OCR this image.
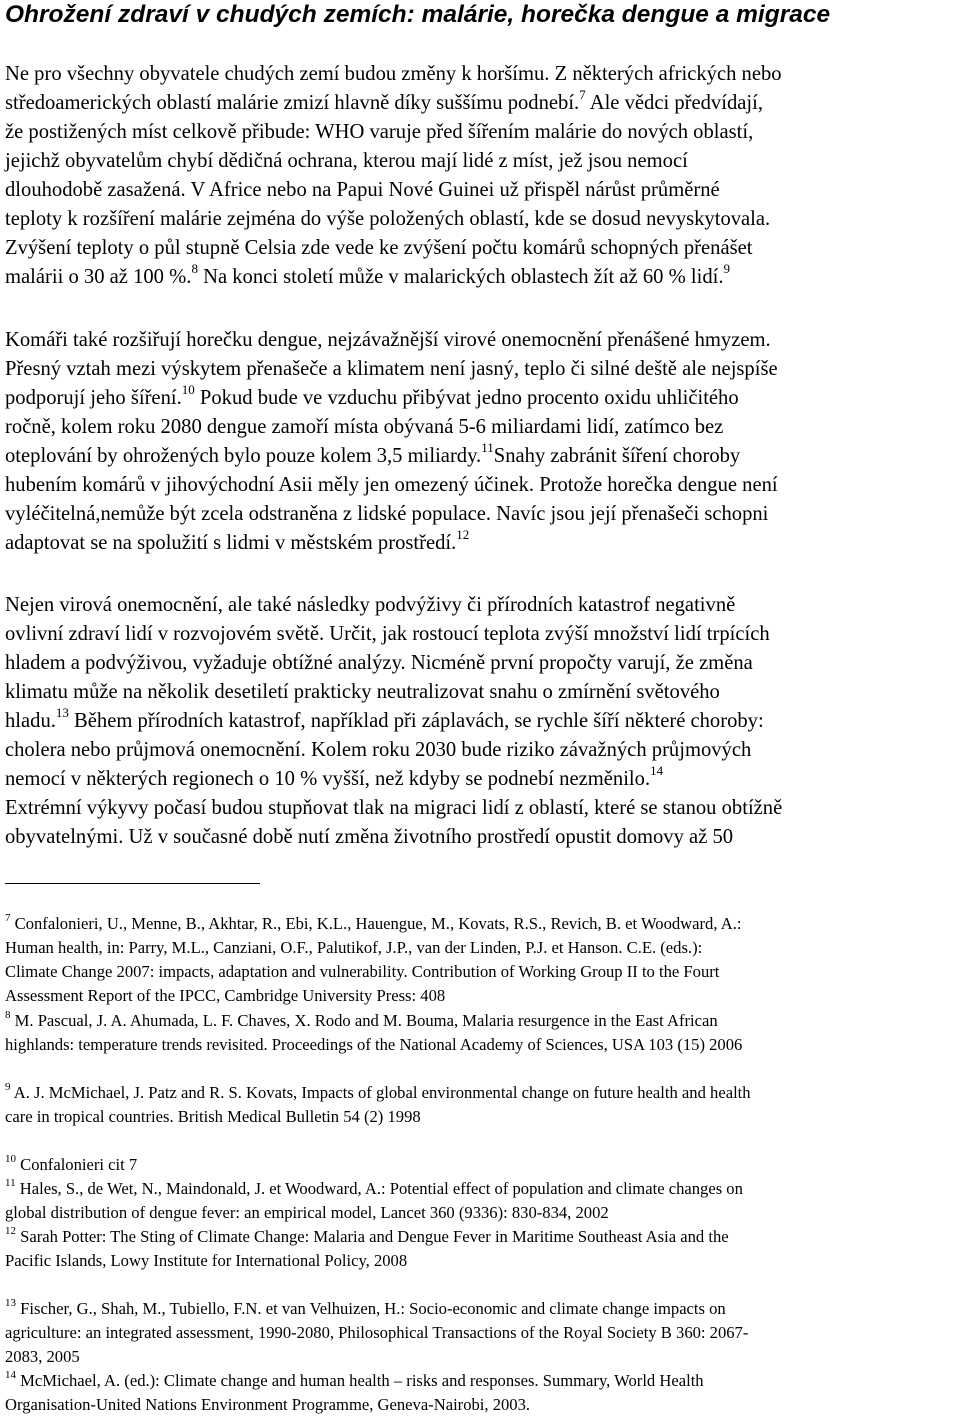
Ohrožení zdraví v chudých zemích: malárie, horečka dengue a migrace
Ne pro všechny obyvatele chudých zemí budou změny k horšímu. Z některých afrických nebo
středoamerických oblastí malárie zmizí hlavně díky suššímu podnebí.$^7$ Ale vědci předvídají,
že postižených míst celkově přibude: WHO varuje před šířením malárie do nových oblastí,
jejichž obyvatelům chybí dědičná ochrana, kterou mají lidé z míst, jež jsou nemocí
dlouhodobě zasažená. V Africe nebo na Papui Nové Guinei už přispěl nárůst průměrné
teploty k rozšíření malárie zejména do výše položených oblastí, kde se dosud nevyskytovala.
Zvýšení teploty o půl stupně Celsia zde vede ke zvýšení počtu komárů schopných přenášet
malárii o 30 až 100 %.$^8$ Na konci století může v malarických oblastech žít až 60 % lidí.$^9$
Komáři také rozšiřují horečku dengue, nejzávažnější virové onemocnění přenášené hmyzem.
Přesný vztah mezi výskytem přenašeče a klimatem není jasný, teplo či silné deště ale nejspíše
podporují jeho šíření.$^{10}$ Pokud bude ve vzduchu přibývat jedno procento oxidu uhličitého
ročně, kolem roku 2080 dengue zamoří místa obývaná 5-6 miliardami lidí, zatímco bez
oteplování by ohrožených bylo pouze kolem 3,5 miliardy.$^{11}$Snahy zabránit šíření choroby
hubením komárů v jihovýchodní Asii měly jen omezený účinek. Protože horečka dengue není
vyléčitelná,nemůže být zcela odstraněna z lidské populace. Navíc jsou její přenašeči schopni
adaptovat se na spolužití s lidmi v městském prostředí.$^{12}$
Nejen virová onemocnění, ale také následky podvýživy či přírodních katastrof negativně
ovlivní zdraví lidí v rozvojovém světě. Určit, jak rostoucí teplota zvýší množství lidí trpících
hladem a podvýživou, vyžaduje obtížné analýzy. Nicméně první propočty varují, že změna
klimatu může na několik desetiletí prakticky neutralizovat snahu o zmírnění světového
hladu.$^{13}$ Během přírodních katastrof, například při záplavách, se rychle šíří některé choroby:
cholera nebo průjmová onemocnění. Kolem roku 2030 bude riziko závažných průjmových
nemocí v některých regionech o 10 % vyšší, než kdyby se podnebí nezměnilo.$^{14}$
Extrémní výkyvy počasí budou stupňovat tlak na migraci lidí z oblastí, které se stanou obtížně
obyvatelnými. Už v současné době nutí změna životního prostředí opustit domovy až 50
$^7$ Confalonieri, U., Menne, B., Akhtar, R., Ebi, K.L., Hauengue, M., Kovats, R.S., Revich, B. et Woodward, A.:
Human health, in: Parry, M.L., Canziani, O.F., Palutikof, J.P., van der Linden, P.J. et Hanson. C.E. (eds.):
Climate Change 2007: impacts, adaptation and vulnerability. Contribution of Working Group II to the Fourt
Assessment Report of the IPCC, Cambridge University Press: 408
$^8$ M. Pascual, J. A. Ahumada, L. F. Chaves, X. Rodo and M. Bouma, Malaria resurgence in the East African
highlands: temperature trends revisited. Proceedings of the National Academy of Sciences, USA 103 (15) 2006
$^9$ A. J. McMichael, J. Patz and R. S. Kovats, Impacts of global environmental change on future health and health
care in tropical countries. British Medical Bulletin 54 (2) 1998
$^{10}$ Confalonieri cit 7
$^{11}$ Hales, S., de Wet, N., Maindonald, J. et Woodward, A.: Potential effect of population and climate changes on
global distribution of dengue fever: an empirical model, Lancet 360 (9336): 830-834, 2002
$^{12}$ Sarah Potter: The Sting of Climate Change: Malaria and Dengue Fever in Maritime Southeast Asia and the
Pacific Islands, Lowy Institute for International Policy, 2008
$^{13}$ Fischer, G., Shah, M., Tubiello, F.N. et van Velhuizen, H.: Socio-economic and climate change impacts on
agriculture: an integrated assessment, 1990-2080, Philosophical Transactions of the Royal Society B 360: 2067-
2083, 2005
$^{14}$ McMichael, A. (ed.): Climate change and human health – risks and responses. Summary, World Health
Organisation-United Nations Environment Programme, Geneva-Nairobi, 2003.
